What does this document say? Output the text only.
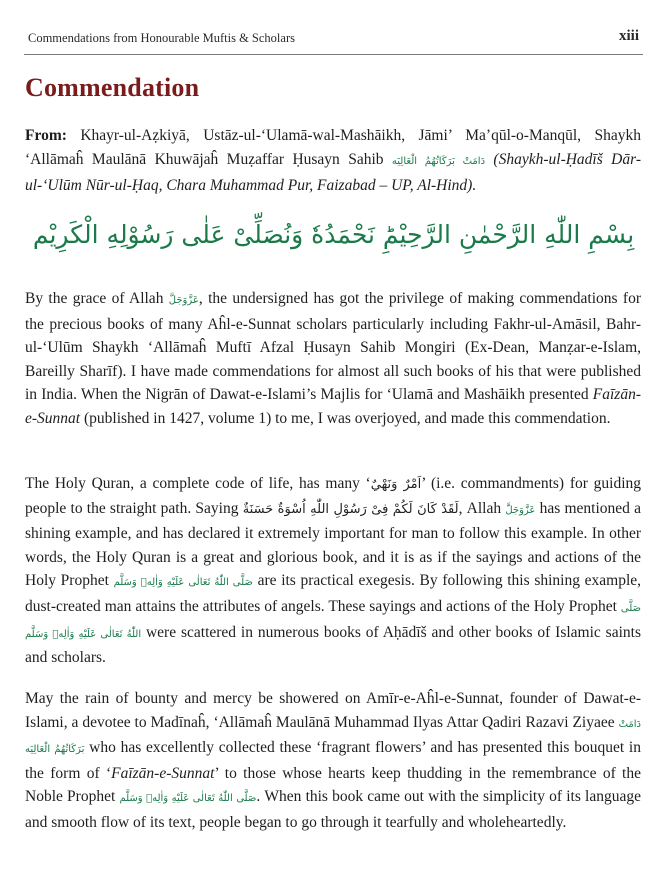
Commendations from Honourable Muftis & Scholars	xiii
Commendation
From: Khayr-ul-Aẓkiyā, Ustāz-ul-‘Ulamā-wal-Mashāikh, Jāmi’ Ma’qūl-o-Manqūl, Shaykh ‘Allāmaĥ Maulānā Khuwājaĥ Muẓaffar Ḥusayn Sahib دَامَتْ بَرَكَاتُهُمُ الْعَالِيَه (Shaykh-ul-Ḥadīš Dār-ul-‘Ulūm Nūr-ul-Ḥaq, Chara Muhammad Pur, Faizabad – UP, Al-Hind).
بِسْمِ اللّٰهِ الرَّحْمٰنِ الرَّحِيْمِؕ نَحْمَدُهٗ وَنُصَلِّیْ عَلٰی رَسُوْلِهِ الْكَرِيْم
By the grace of Allah عَزَّوَجَلَّ, the undersigned has got the privilege of making commendations for the precious books of many Aĥl-e-Sunnat scholars particularly including Fakhr-ul-Amāsil, Bahr-ul-‘Ulūm Shaykh ‘Allāmaĥ Muftī Afzal Ḥusayn Sahib Mongiri (Ex-Dean, Manẓar-e-Islam, Bareilly Sharīf). I have made commendations for almost all such books of his that were published in India. When the Nigrān of Dawat-e-Islami’s Majlis for ‘Ulamā and Mashāikh presented Faīzān-e-Sunnat (published in 1427, volume 1) to me, I was overjoyed, and made this commendation.
The Holy Quran, a complete code of life, has many ‘اَمْرٌ وَنَهْيٌ’ (i.e. commandments) for guiding people to the straight path. Saying لَقَدْ كَانَ لَكُمْ فِیْ رَسُوْلِ اللّٰهِ اُسْوَةٌ حَسَنَةٌ, Allah عَزَّوَجَلَّ has mentioned a shining example, and has declared it extremely important for man to follow this example. In other words, the Holy Quran is a great and glorious book, and it is as if the sayings and actions of the Holy Prophet صَلَّى اللّٰهُ تَعَالٰى عَلَيْهِ وَاٰلِهٖ وَسَلَّم are its practical exegesis. By following this shining example, dust-created man attains the attributes of angels. These sayings and actions of the Holy Prophet صَلَّى اللّٰهُ تَعَالٰى عَلَيْهِ وَاٰلِهٖ وَسَلَّم were scattered in numerous books of Aḥādīš and other books of Islamic saints and scholars.
May the rain of bounty and mercy be showered on Amīr-e-Aĥl-e-Sunnat, founder of Dawat-e-Islami, a devotee to Madīnaĥ, ‘Allāmaĥ Maulānā Muhammad Ilyas Attar Qadiri Razavi Ziyaee دَامَتْ بَرَكَاتُهُمُ الْعَالِيَه who has excellently collected these ‘fragrant flowers’ and has presented this bouquet in the form of ‘Faīzān-e-Sunnat’ to those whose hearts keep thudding in the remembrance of the Noble Prophet صَلَّى اللّٰهُ تَعَالٰى عَلَيْهِ وَاٰلِهٖ وَسَلَّم. When this book came out with the simplicity of its language and smooth flow of its text, people began to go through it tearfully and wholeheartedly.
